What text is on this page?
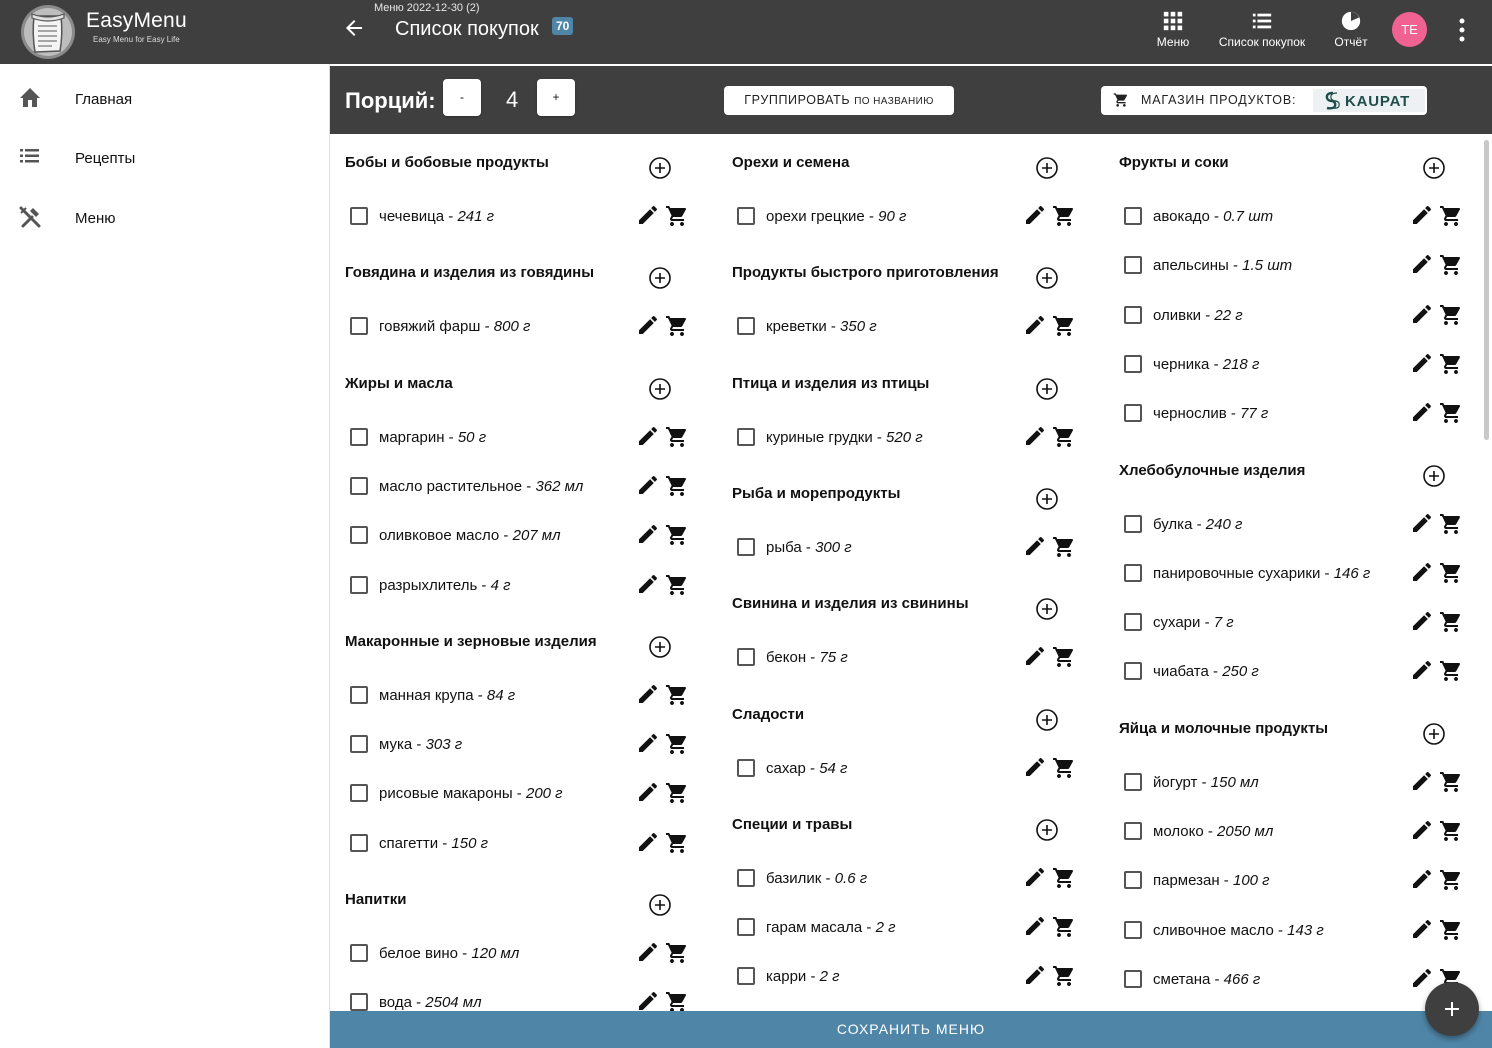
EasyMenu
Easy Menu for Easy Life
Меню 2022-12-30 (2)
Список покупок	70
Меню	Список покупок	Отчёт
TE
Главная
Рецепты
Меню
Порций:	-	4	+	ГРУППИРОВАТЬ ПО НАЗВАНИЮ	МАГАЗИН ПРОДУКТОВ:	KAUPAT
Бобы и бобовые продукты
чечевица - 241 г
Говядина и изделия из говядины
говяжий фарш - 800 г
Жиры и масла
маргарин - 50 г
масло растительное - 362 мл
оливковое масло - 207 мл
разрыхлитель - 4 г
Макаронные и зерновые изделия
манная крупа - 84 г
мука - 303 г
рисовые макароны - 200 г
спагетти - 150 г
Напитки
белое вино - 120 мл
вода - 2504 мл
Орехи и семена
орехи грецкие - 90 г
Продукты быстрого приготовления
креветки - 350 г
Птица и изделия из птицы
куриные грудки - 520 г
Рыба и морепродукты
рыба - 300 г
Свинина и изделия из свинины
бекон - 75 г
Сладости
сахар - 54 г
Специи и травы
базилик - 0.6 г
гарам масала - 2 г
карри - 2 г
Фрукты и соки
авокадо - 0.7 шт
апельсины - 1.5 шт
оливки - 22 г
черника - 218 г
чернослив - 77 г
Хлебобулочные изделия
булка - 240 г
панировочные сухарики - 146 г
сухари - 7 г
чиабата - 250 г
Яйца и молочные продукты
йогурт - 150 мл
молоко - 2050 мл
пармезан - 100 г
сливочное масло - 143 г
сметана - 466 г
СОХРАНИТЬ МЕНЮ
